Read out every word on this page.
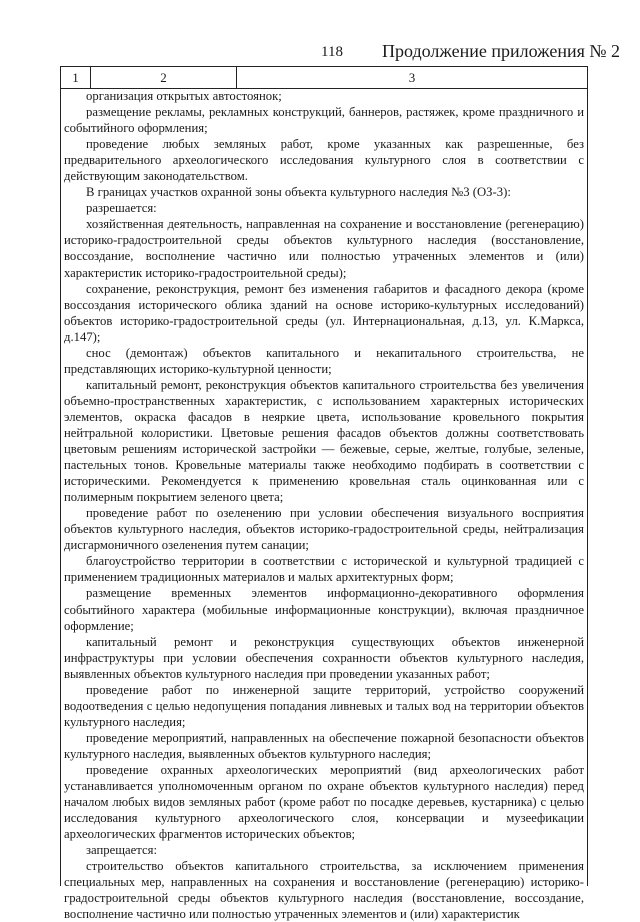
118 Продолжение приложения № 2
1	2	3

организация открытых автостоянок;

размещение рекламы, рекламных конструкций, баннеров, растяжек, кроме праздничного и событийного оформления;

проведение любых земляных работ, кроме указанных как разрешенные, без предварительного археологического исследования культурного слоя в соответствии с действующим законодательством.

В границах участков охранной зоны объекта культурного наследия №3 (ОЗ-3):

разрешается:

хозяйственная деятельность, направленная на сохранение и восстановление (регенерацию) историко-градостроительной среды объектов культурного наследия (восстановление, воссоздание, восполнение частично или полностью утраченных элементов и (или) характеристик историко-градостроительной среды);

сохранение, реконструкция, ремонт без изменения габаритов и фасадного декора (кроме воссоздания исторического облика зданий на основе историко-культурных исследований) объектов историко-градостроительной среды (ул. Интернациональная, д.13, ул. К.Маркса, д.147);

снос (демонтаж) объектов капитального и некапитального строительства, не представляющих историко-культурной ценности;

капитальный ремонт, реконструкция объектов капитального строительства без увеличения объемно-пространственных характеристик, с использованием характерных исторических элементов, окраска фасадов в неяркие цвета, использование кровельного покрытия нейтральной колористики. Цветовые решения фасадов объектов должны соответствовать цветовым решениям исторической застройки — бежевые, серые, желтые, голубые, зеленые, пастельных тонов. Кровельные материалы также необходимо подбирать в соответствии с историческими. Рекомендуется к применению кровельная сталь оцинкованная или с полимерным покрытием зеленого цвета;

проведение работ по озеленению при условии обеспечения визуального восприятия объектов культурного наследия, объектов историко-градостроительной среды, нейтрализация дисгармоничного озеленения путем санации;

благоустройство территории в соответствии с исторической и культурной традицией с применением традиционных материалов и малых архитектурных форм;

размещение временных элементов информационно-декоративного оформления событийного характера (мобильные информационные конструкции), включая праздничное оформление;

капитальный ремонт и реконструкция существующих объектов инженерной инфраструктуры при условии обеспечения сохранности объектов культурного наследия, выявленных объектов культурного наследия при проведении указанных работ;

проведение работ по инженерной защите территорий, устройство сооружений водоотведения с целью недопущения попадания ливневых и талых вод на территории объектов культурного наследия;

проведение мероприятий, направленных на обеспечение пожарной безопасности объектов культурного наследия, выявленных объектов культурного наследия;

проведение охранных археологических мероприятий (вид археологических работ устанавливается уполномоченным органом по охране объектов культурного наследия) перед началом любых видов земляных работ (кроме работ по посадке деревьев, кустарника) с целью исследования культурного археологического слоя, консервации и музеефикации археологических фрагментов исторических объектов;

запрещается:

строительство объектов капитального строительства, за исключением применения специальных мер, направленных на сохранения и восстановление (регенерацию) историко-градостроительной среды объектов культурного наследия (восстановление, воссоздание, восполнение частично или полностью утраченных элементов и (или) характеристик
